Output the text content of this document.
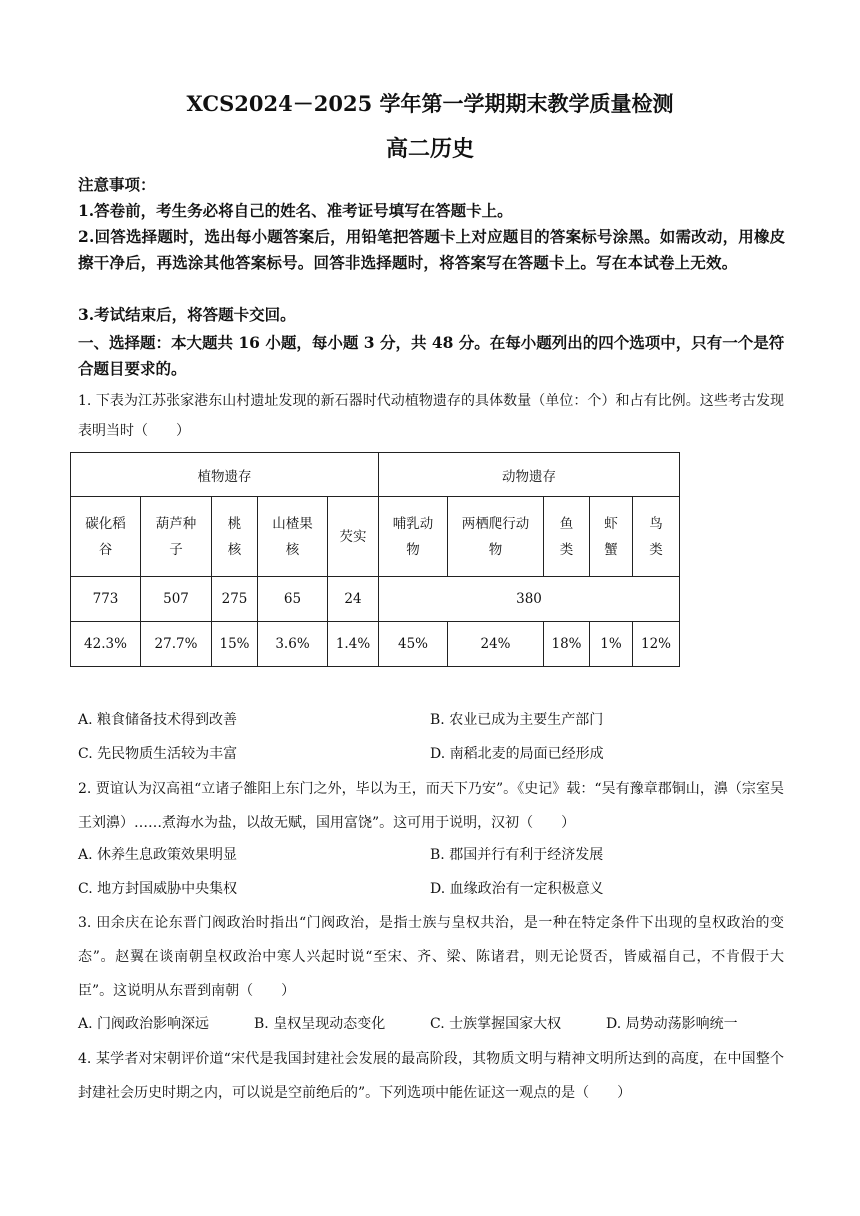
XCS2024－2025 学年第一学期期末教学质量检测
高二历史
注意事项：
1.答卷前，考生务必将自己的姓名、准考证号填写在答题卡上。
2.回答选择题时，选出每小题答案后，用铅笔把答题卡上对应题目的答案标号涂黑。如需改动，用橡皮擦干净后，再选涂其他答案标号。回答非选择题时，将答案写在答题卡上。写在本试卷上无效。
3.考试结束后，将答题卡交回。
一、选择题：本大题共 16 小题，每小题 3 分，共 48 分。在每小题列出的四个选项中，只有一个是符合题目要求的。
1. 下表为江苏张家港东山村遗址发现的新石器时代动植物遗存的具体数量（单位：个）和占有比例。这些考古发现表明当时（　　）
植物遗存					动物遗存				

碳化稻谷	葫芦种子	桃核	山楂果核	芡实	哺乳动物	两栖爬行动物	鱼类	虾蟹	鸟类

773	507	275	65	24	380				
42.3%	27.7%	15%	3.6%	1.4%	45%	24%	18%	1%	12%
A. 粮食储备技术得到改善	B. 农业已成为主要生产部门
C. 先民物质生活较为丰富	D. 南稻北麦的局面已经形成
2. 贾谊认为汉高祖“立诸子雒阳上东门之外，毕以为王，而天下乃安”。《史记》载：“吴有豫章郡铜山，濞（宗室吴王刘濞）……煮海水为盐，以故无赋，国用富饶”。这可用于说明，汉初（　　）
A. 休养生息政策效果明显	B. 郡国并行有利于经济发展
C. 地方封国威胁中央集权	D. 血缘政治有一定积极意义
3. 田余庆在论东晋门阀政治时指出“门阀政治，是指士族与皇权共治，是一种在特定条件下出现的皇权政治的变态”。赵翼在谈南朝皇权政治中寒人兴起时说“至宋、齐、梁、陈诸君，则无论贤否，皆威福自己，不肯假于大臣”。这说明从东晋到南朝（　　）
A. 门阀政治影响深远	B. 皇权呈现动态变化	C. 士族掌握国家大权	D. 局势动荡影响统一
4. 某学者对宋朝评价道“宋代是我国封建社会发展的最高阶段，其物质文明与精神文明所达到的高度，在中国整个封建社会历史时期之内，可以说是空前绝后的”。下列选项中能佐证这一观点的是（　　）
